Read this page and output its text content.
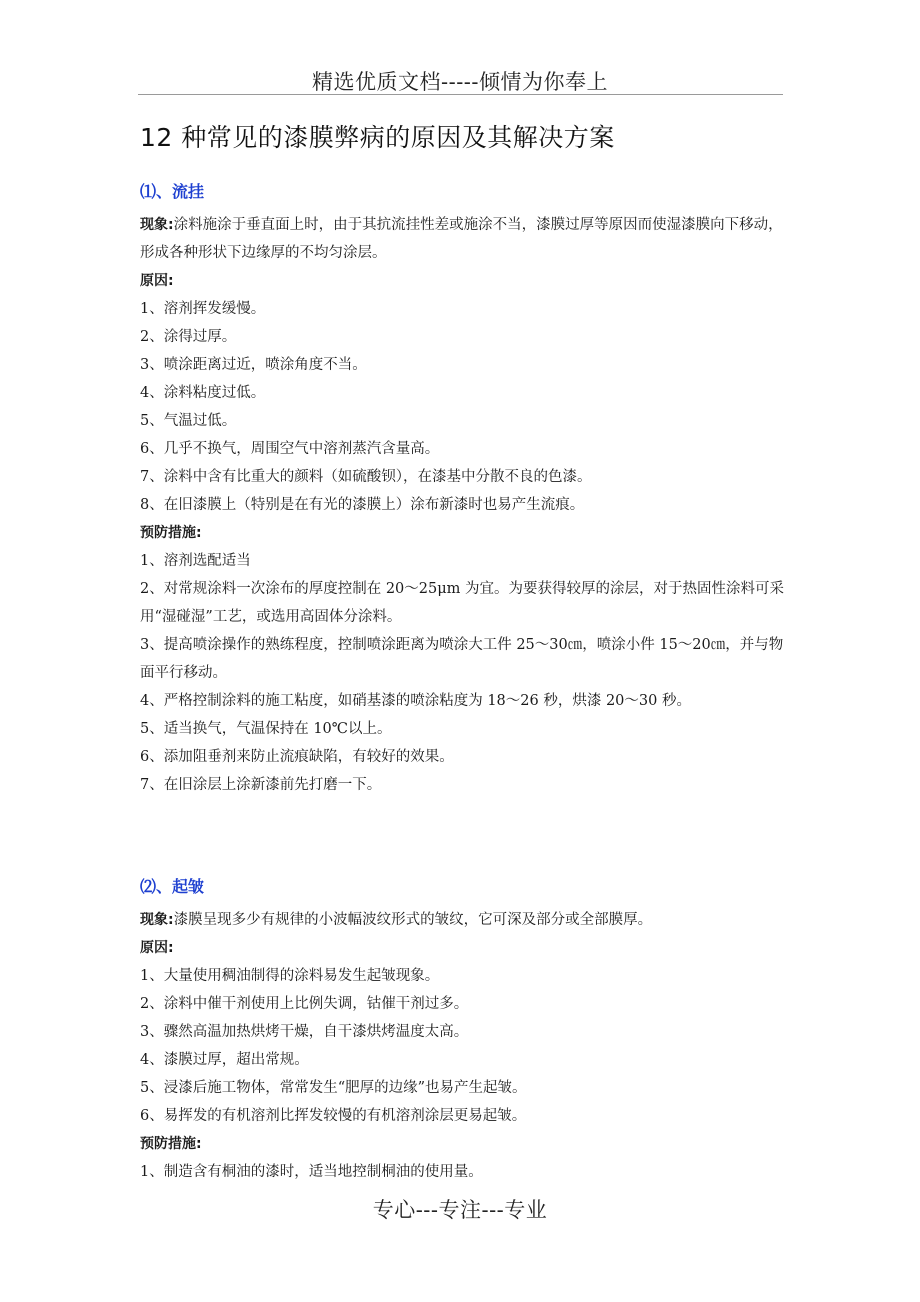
精选优质文档-----倾情为你奉上
12 种常见的漆膜弊病的原因及其解决方案
⑴、流挂

现象:涂料施涂于垂直面上时，由于其抗流挂性差或施涂不当，漆膜过厚等原因而使湿漆膜向下移动，形成各种形状下边缘厚的不均匀涂层。

原因:
1、溶剂挥发缓慢。
2、涂得过厚。
3、喷涂距离过近，喷涂角度不当。
4、涂料粘度过低。
5、气温过低。
6、几乎不换气，周围空气中溶剂蒸汽含量高。
7、涂料中含有比重大的颜料（如硫酸钡），在漆基中分散不良的色漆。
8、在旧漆膜上（特别是在有光的漆膜上）涂布新漆时也易产生流痕。
预防措施:
1、溶剂选配适当

2、对常规涂料一次涂布的厚度控制在 20～25μm 为宜。为要获得较厚的涂层，对于热固性涂料可采用“湿碰湿”工艺，或选用高固体分涂料。

3、提高喷涂操作的熟练程度，控制喷涂距离为喷涂大工件 25～30㎝，喷涂小件 15～20㎝，并与物面平行移动。

4、严格控制涂料的施工粘度，如硝基漆的喷涂粘度为 18～26 秒，烘漆 20～30 秒。
5、适当换气，气温保持在 10℃以上。
6、添加阻垂剂来防止流痕缺陷，有较好的效果。
7、在旧涂层上涂新漆前先打磨一下。
⑵、起皱
现象:漆膜呈现多少有规律的小波幅波纹形式的皱纹，它可深及部分或全部膜厚。
原因:
1、大量使用稠油制得的涂料易发生起皱现象。
2、涂料中催干剂使用上比例失调，钴催干剂过多。
3、骤然高温加热烘烤干燥，自干漆烘烤温度太高。
4、漆膜过厚，超出常规。
5、浸漆后施工物体，常常发生“肥厚的边缘”也易产生起皱。
6、易挥发的有机溶剂比挥发较慢的有机溶剂涂层更易起皱。
预防措施:
1、制造含有桐油的漆时，适当地控制桐油的使用量。
专心---专注---专业
